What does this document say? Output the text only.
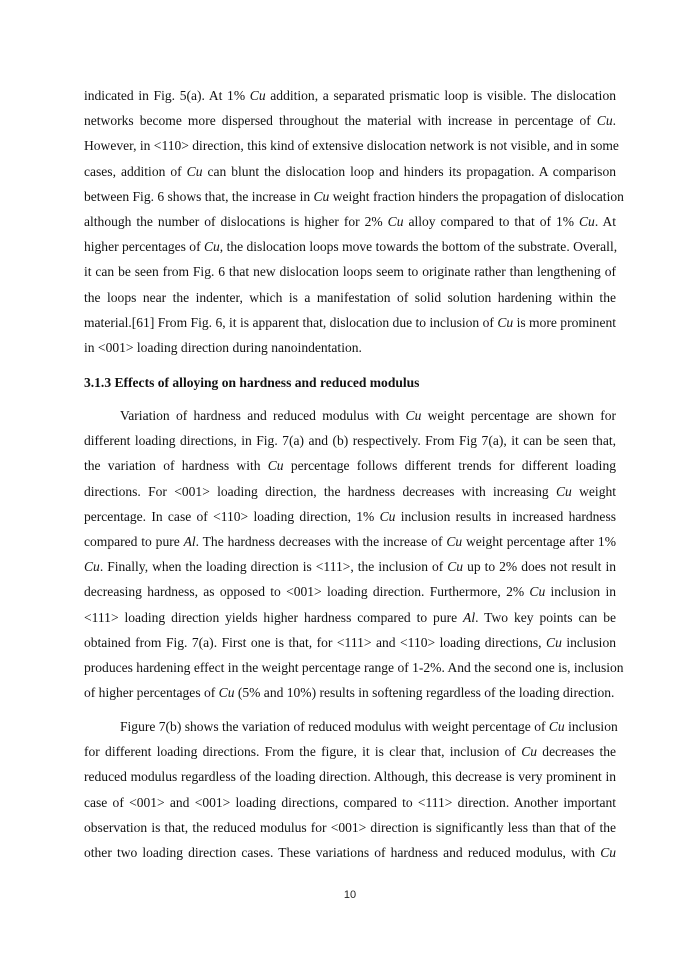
indicated in Fig. 5(a). At 1% Cu addition, a separated prismatic loop is visible. The dislocation
networks become more dispersed throughout the material with increase in percentage of Cu.
However, in <110> direction, this kind of extensive dislocation network is not visible, and in some
cases, addition of Cu can blunt the dislocation loop and hinders its propagation. A comparison
between Fig. 6 shows that, the increase in Cu weight fraction hinders the propagation of dislocation
although the number of dislocations is higher for 2% Cu alloy compared to that of 1% Cu. At
higher percentages of Cu, the dislocation loops move towards the bottom of the substrate. Overall,
it can be seen from Fig. 6 that new dislocation loops seem to originate rather than lengthening of
the loops near the indenter, which is a manifestation of solid solution hardening within the
material.[61] From Fig. 6, it is apparent that, dislocation due to inclusion of Cu is more prominent
in <001> loading direction during nanoindentation.
3.1.3 Effects of alloying on hardness and reduced modulus
Variation of hardness and reduced modulus with Cu weight percentage are shown for
different loading directions, in Fig. 7(a) and (b) respectively. From Fig 7(a), it can be seen that,
the variation of hardness with Cu percentage follows different trends for different loading
directions. For <001> loading direction, the hardness decreases with increasing Cu weight
percentage. In case of <110> loading direction, 1% Cu inclusion results in increased hardness
compared to pure Al. The hardness decreases with the increase of Cu weight percentage after 1%
Cu. Finally, when the loading direction is <111>, the inclusion of Cu up to 2% does not result in
decreasing hardness, as opposed to <001> loading direction. Furthermore, 2% Cu inclusion in
<111> loading direction yields higher hardness compared to pure Al. Two key points can be
obtained from Fig. 7(a). First one is that, for <111> and <110> loading directions, Cu inclusion
produces hardening effect in the weight percentage range of 1-2%. And the second one is, inclusion
of higher percentages of Cu (5% and 10%) results in softening regardless of the loading direction.
Figure 7(b) shows the variation of reduced modulus with weight percentage of Cu inclusion
for different loading directions. From the figure, it is clear that, inclusion of Cu decreases the
reduced modulus regardless of the loading direction. Although, this decrease is very prominent in
case of <001> and <001> loading directions, compared to <111> direction. Another important
observation is that, the reduced modulus for <001> direction is significantly less than that of the
other two loading direction cases. These variations of hardness and reduced modulus, with Cu
10
